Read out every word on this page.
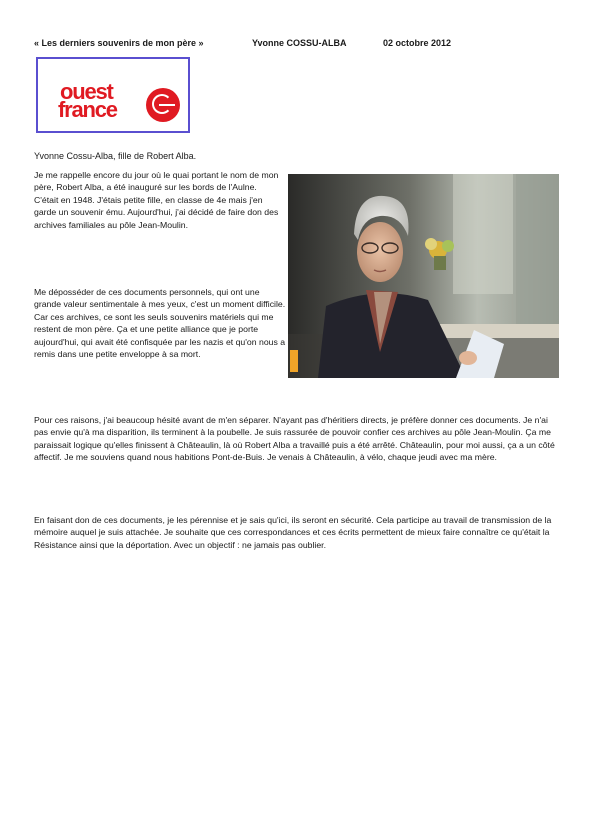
« Les derniers souvenirs de mon père »	Yvonne COSSU-ALBA	02 octobre 2012
ouest
france
Yvonne Cossu-Alba, fille de Robert Alba.

Je me rappelle encore du jour où le quai portant le nom de mon père, Robert Alba, a été inauguré sur les bords de l'Aulne. C'était en 1948. J'étais petite fille, en classe de 4e mais j'en garde un souvenir ému. Aujourd'hui, j'ai décidé de faire don des archives familiales au pôle Jean-Moulin.

Me déposséder de ces documents personnels, qui ont une grande valeur sentimentale à mes yeux, c'est un moment difficile. Car ces archives, ce sont les seuls souvenirs matériels qui me restent de mon père. Ça et une petite alliance que je porte aujourd'hui, qui avait été confisquée par les nazis et qu'on nous a remis dans une petite enveloppe à sa mort.

Pour ces raisons, j'ai beaucoup hésité avant de m'en séparer. N'ayant pas d'héritiers directs, je préfère donner ces documents. Je n'ai pas envie qu'à ma disparition, ils terminent à la poubelle. Je suis rassurée de pouvoir confier ces archives au pôle Jean-Moulin. Ça me paraissait logique qu'elles finissent à Châteaulin, là où Robert Alba a travaillé puis a été arrêté. Châteaulin, pour moi aussi, ça a un côté affectif. Je me souviens quand nous habitions Pont-de-Buis. Je venais à Châteaulin, à vélo, chaque jeudi avec ma mère.

En faisant don de ces documents, je les pérennise et je sais qu'ici, ils seront en sécurité. Cela participe au travail de transmission de la mémoire auquel je suis attachée. Je souhaite que ces correspondances et ces écrits permettent de mieux faire connaître ce qu'était la Résistance ainsi que la déportation. Avec un objectif : ne jamais pas oublier.
